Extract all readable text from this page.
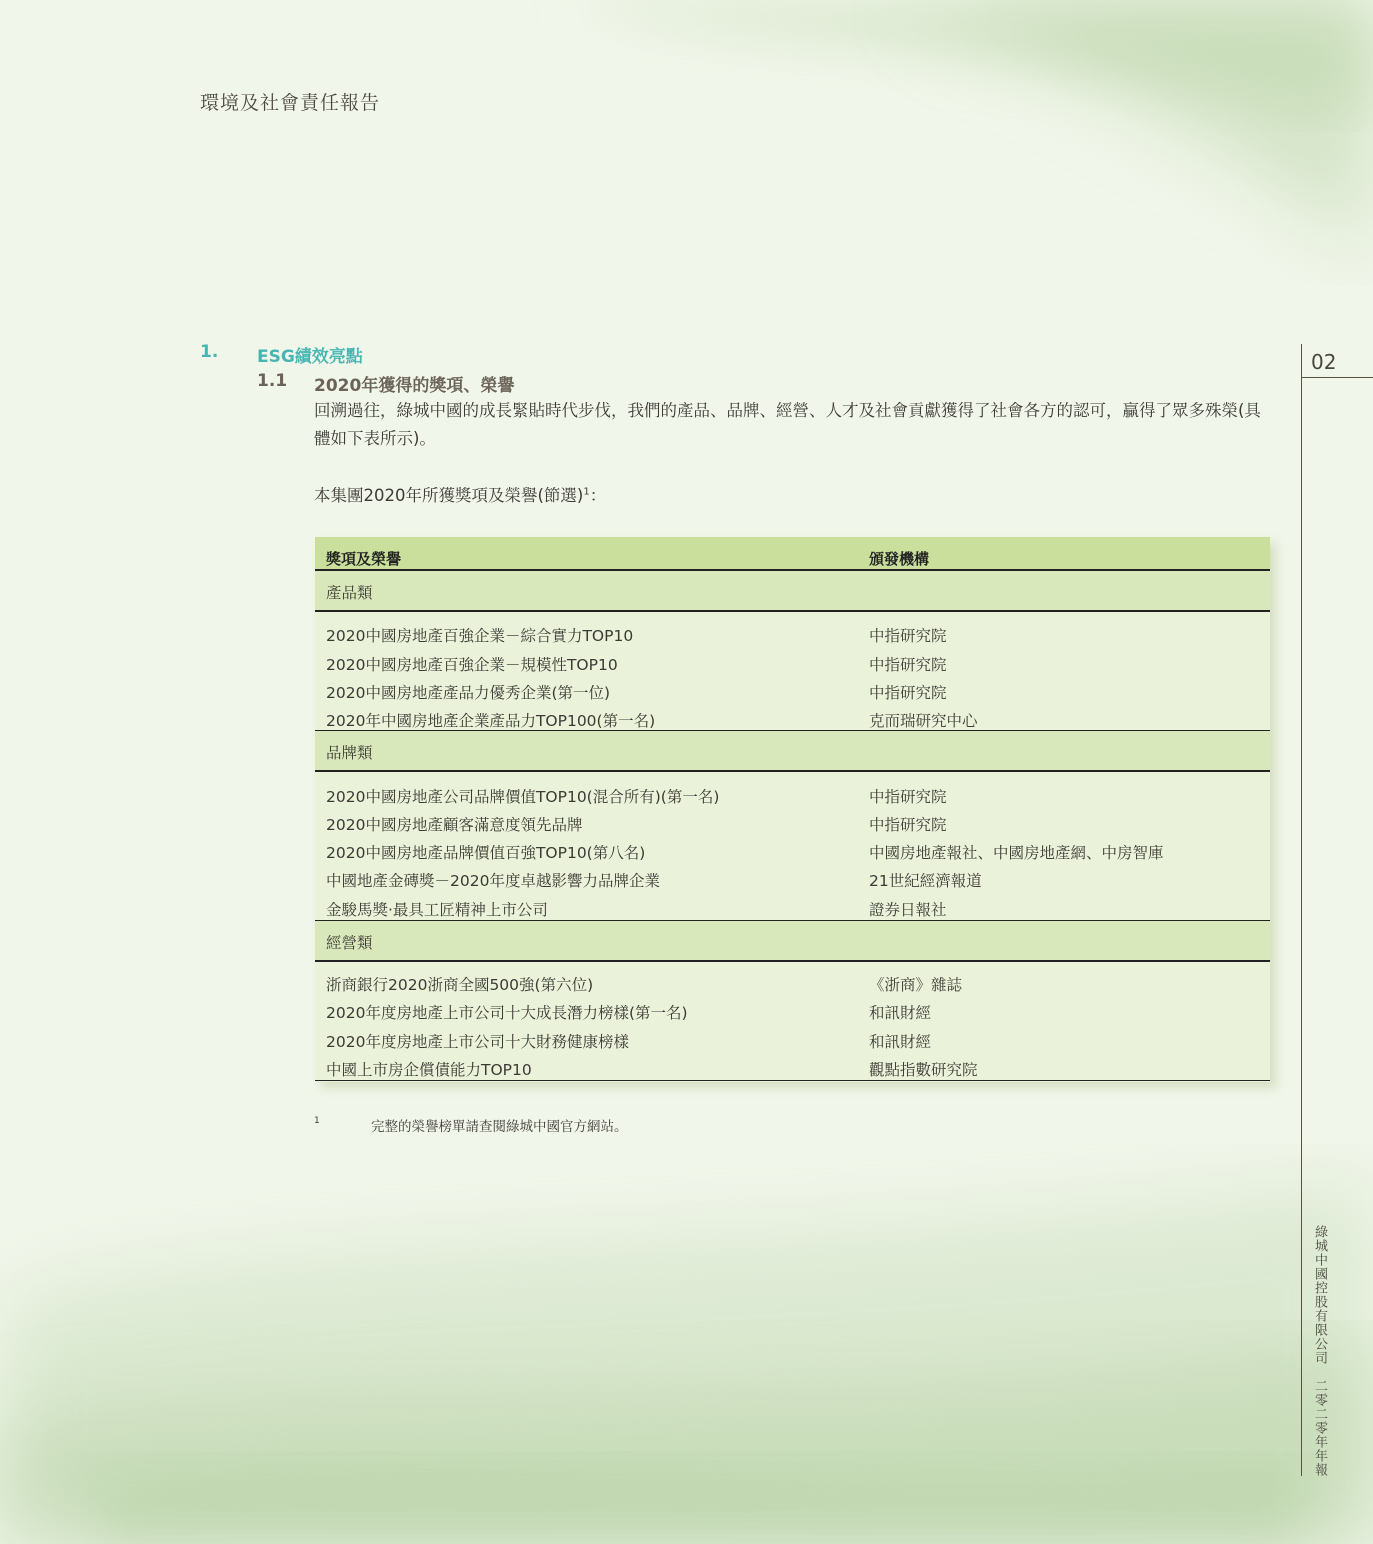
環境及社會責任報告
1. ESG績效亮點
1.1 2020年獲得的獎項、榮譽
回溯過往，綠城中國的成長緊貼時代步伐，我們的產品、品牌、經營、人才及社會貢獻獲得了社會各方的認可，贏得了眾多殊榮(具體如下表所示)。
本集團2020年所獲獎項及榮譽(節選)$^1$：
獎項及榮譽	頒發機構
產品類
2020中國房地產百強企業－綜合實力TOP10	中指研究院
2020中國房地產百強企業－規模性TOP10	中指研究院
2020中國房地產產品力優秀企業(第一位)	中指研究院
2020年中國房地產企業產品力TOP100(第一名)	克而瑞研究中心
品牌類
2020中國房地產公司品牌價值TOP10(混合所有)(第一名)	中指研究院
2020中國房地產顧客滿意度領先品牌	中指研究院
2020中國房地產品牌價值百強TOP10(第八名)	中國房地產報社、中國房地產網、中房智庫
中國地產金磚獎－2020年度卓越影響力品牌企業	21世紀經濟報道
金駿馬獎·最具工匠精神上市公司	證券日報社
經營類
浙商銀行2020浙商全國500強(第六位)	《浙商》雜誌
2020年度房地產上市公司十大成長潛力榜樣(第一名)	和訊財經
2020年度房地產上市公司十大財務健康榜樣	和訊財經
中國上市房企償債能力TOP10	觀點指數研究院
1	完整的榮譽榜單請查閱綠城中國官方網站。
02
綠城中國控股有限公司　二零二零年年報
